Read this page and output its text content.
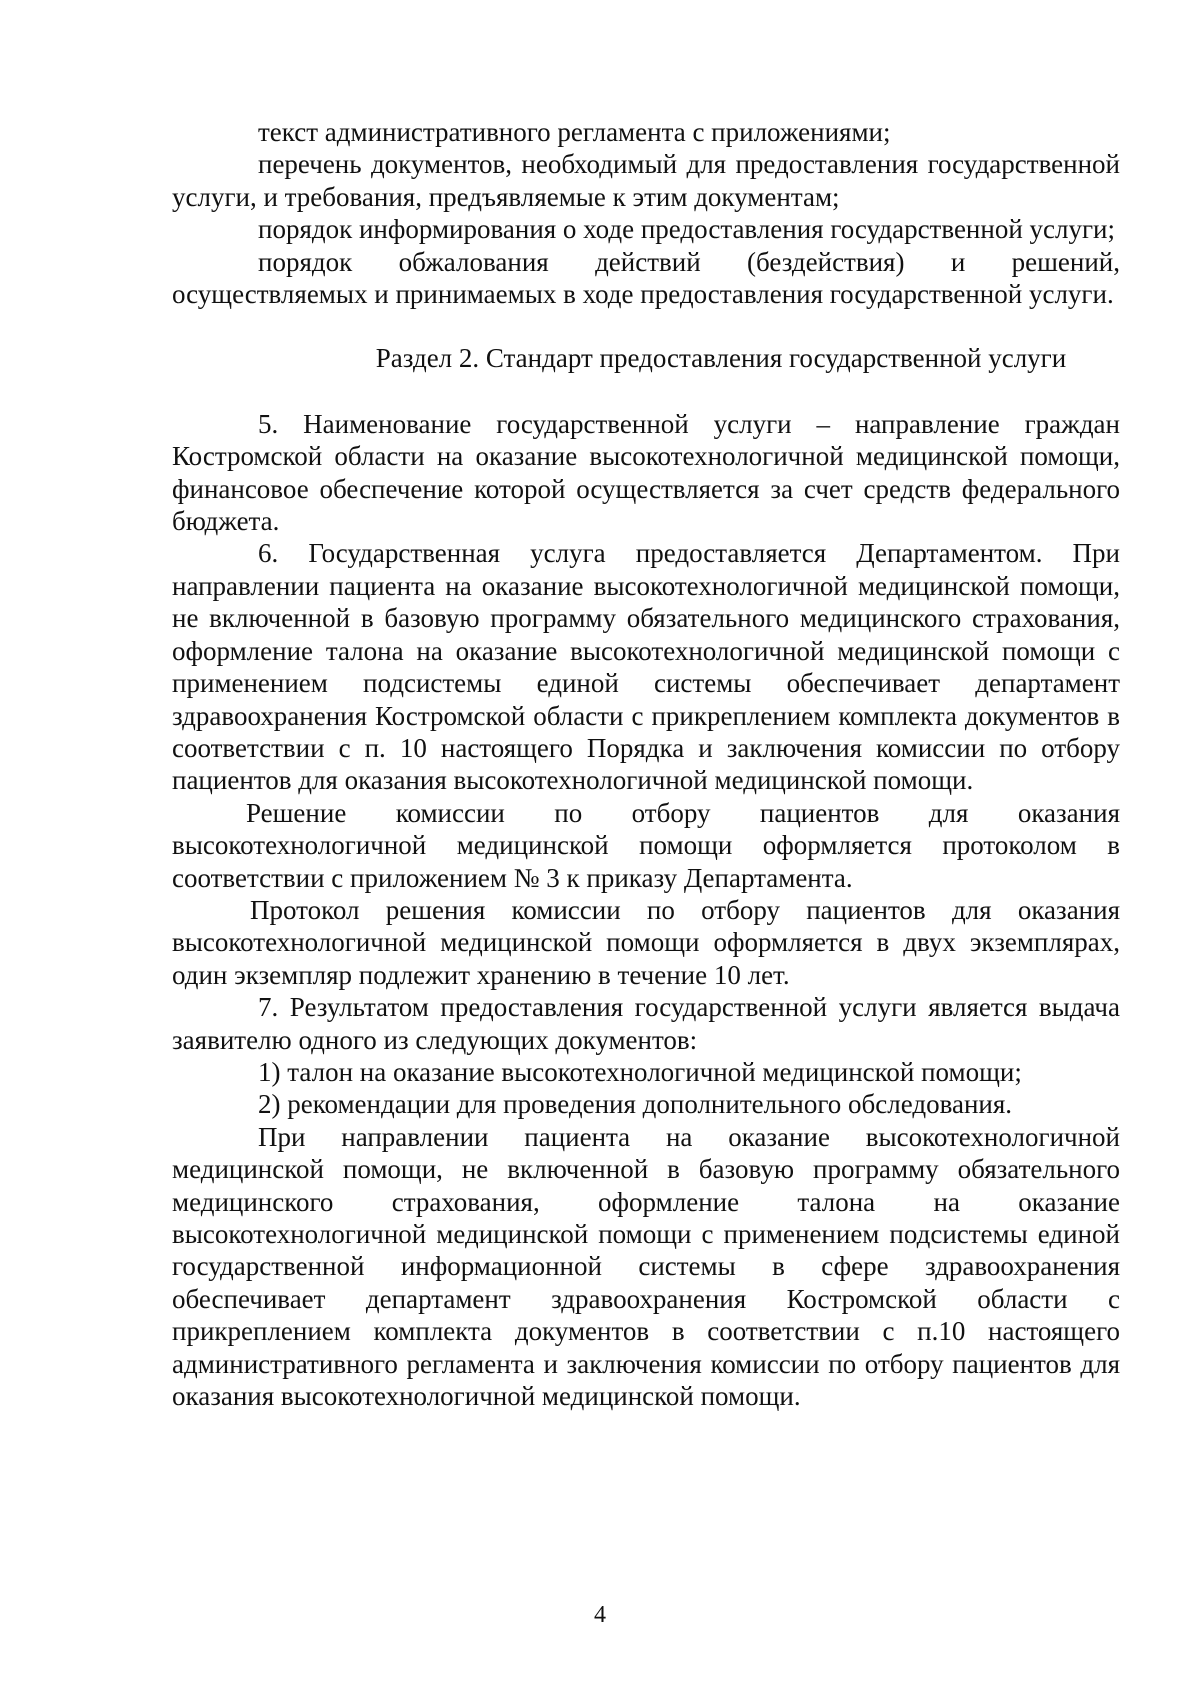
текст административного регламента с приложениями;

перечень документов, необходимый для предоставления государственной услуги, и требования, предъявляемые к этим документам;

порядок информирования о ходе предоставления государственной услуги;

порядок обжалования действий (бездействия) и решений, осуществляемых и принимаемых в ходе предоставления государственной услуги.

Раздел 2. Стандарт предоставления государственной услуги

5. Наименование государственной услуги – направление граждан Костромской области на оказание высокотехнологичной медицинской помощи, финансовое обеспечение которой осуществляется за счет средств федерального бюджета.

6. Государственная услуга предоставляется Департаментом. При направлении пациента на оказание высокотехнологичной медицинской помощи, не включенной в базовую программу обязательного медицинского страхования, оформление талона на оказание высокотехнологичной медицинской помощи с применением подсистемы единой системы обеспечивает департамент здравоохранения Костромской области с прикреплением комплекта документов в соответствии с п. 10 настоящего Порядка и заключения комиссии по отбору пациентов для оказания высокотехнологичной медицинской помощи.

Решение комиссии по отбору пациентов для оказания высокотехнологичной медицинской помощи оформляется протоколом в соответствии с приложением № 3 к приказу Департамента.

Протокол решения комиссии по отбору пациентов для оказания высокотехнологичной медицинской помощи оформляется в двух экземплярах, один экземпляр подлежит хранению в течение 10 лет.

7. Результатом предоставления государственной услуги является выдача заявителю одного из следующих документов:

1) талон на оказание высокотехнологичной медицинской помощи;

2) рекомендации для проведения дополнительного обследования.

При направлении пациента на оказание высокотехнологичной медицинской помощи, не включенной в базовую программу обязательного медицинского страхования, оформление талона на оказание высокотехнологичной медицинской помощи с применением подсистемы единой государственной информационной системы в сфере здравоохранения обеспечивает департамент здравоохранения Костромской области с прикреплением комплекта документов в соответствии с п.10 настоящего административного регламента и заключения комиссии по отбору пациентов для оказания высокотехнологичной медицинской помощи.

4
